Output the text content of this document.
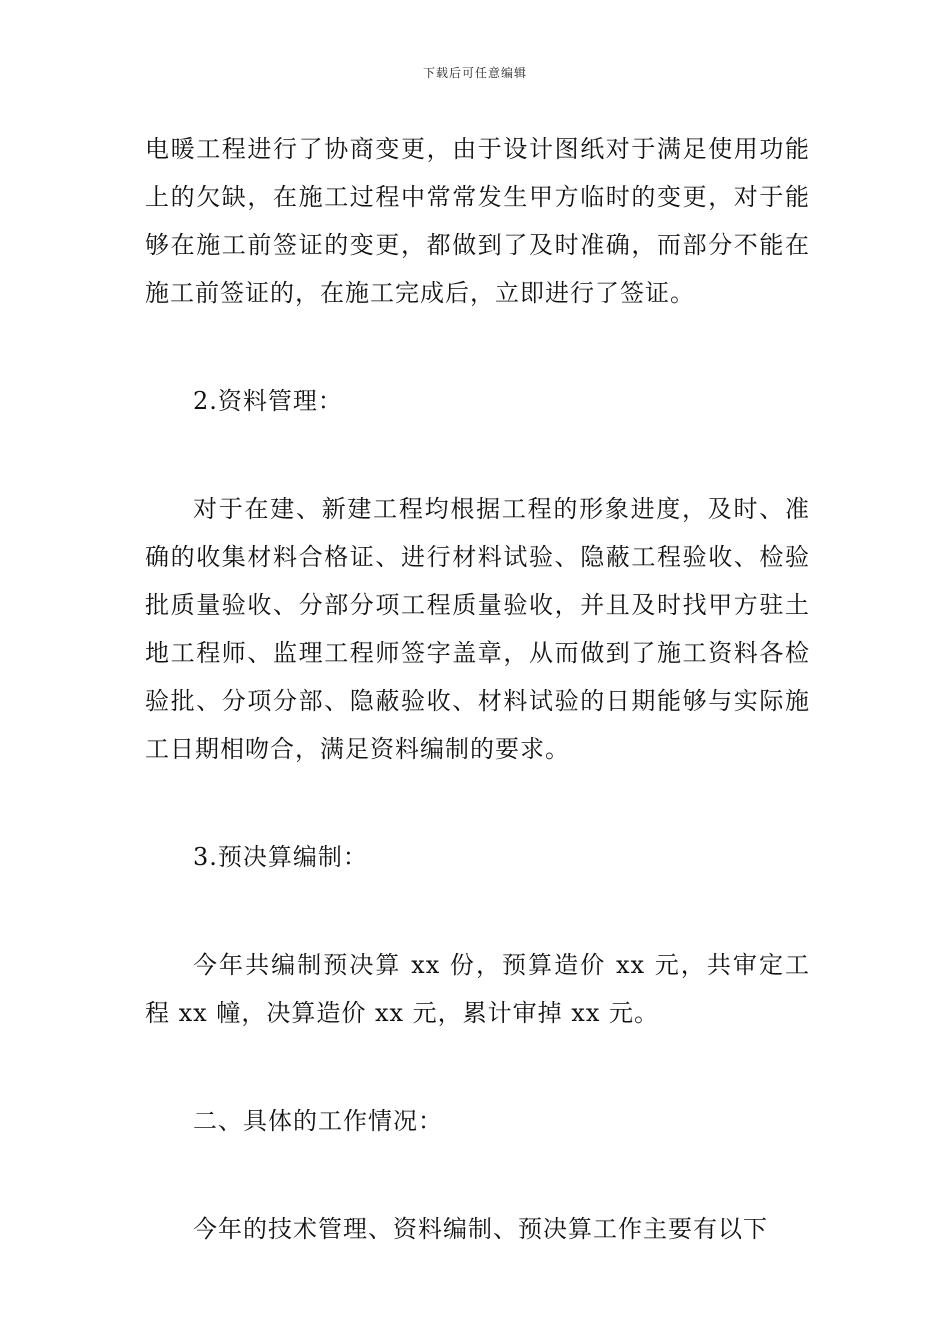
下载后可任意编辑

电暖工程进行了协商变更，由于设计图纸对于满足使用功能上的欠缺，在施工过程中常常发生甲方临时的变更，对于能够在施工前签证的变更，都做到了及时准确，而部分不能在施工前签证的，在施工完成后，立即进行了签证。

2.资料管理：

对于在建、新建工程均根据工程的形象进度，及时、准确的收集材料合格证、进行材料试验、隐蔽工程验收、检验批质量验收、分部分项工程质量验收，并且及时找甲方驻土地工程师、监理工程师签字盖章，从而做到了施工资料各检验批、分项分部、隐蔽验收、材料试验的日期能够与实际施工日期相吻合，满足资料编制的要求。

3.预决算编制：

今年共编制预决算 xx 份，预算造价 xx 元，共审定工程 xx 幢，决算造价 xx 元，累计审掉 xx 元。

二、具体的工作情况：

今年的技术管理、资料编制、预决算工作主要有以下
